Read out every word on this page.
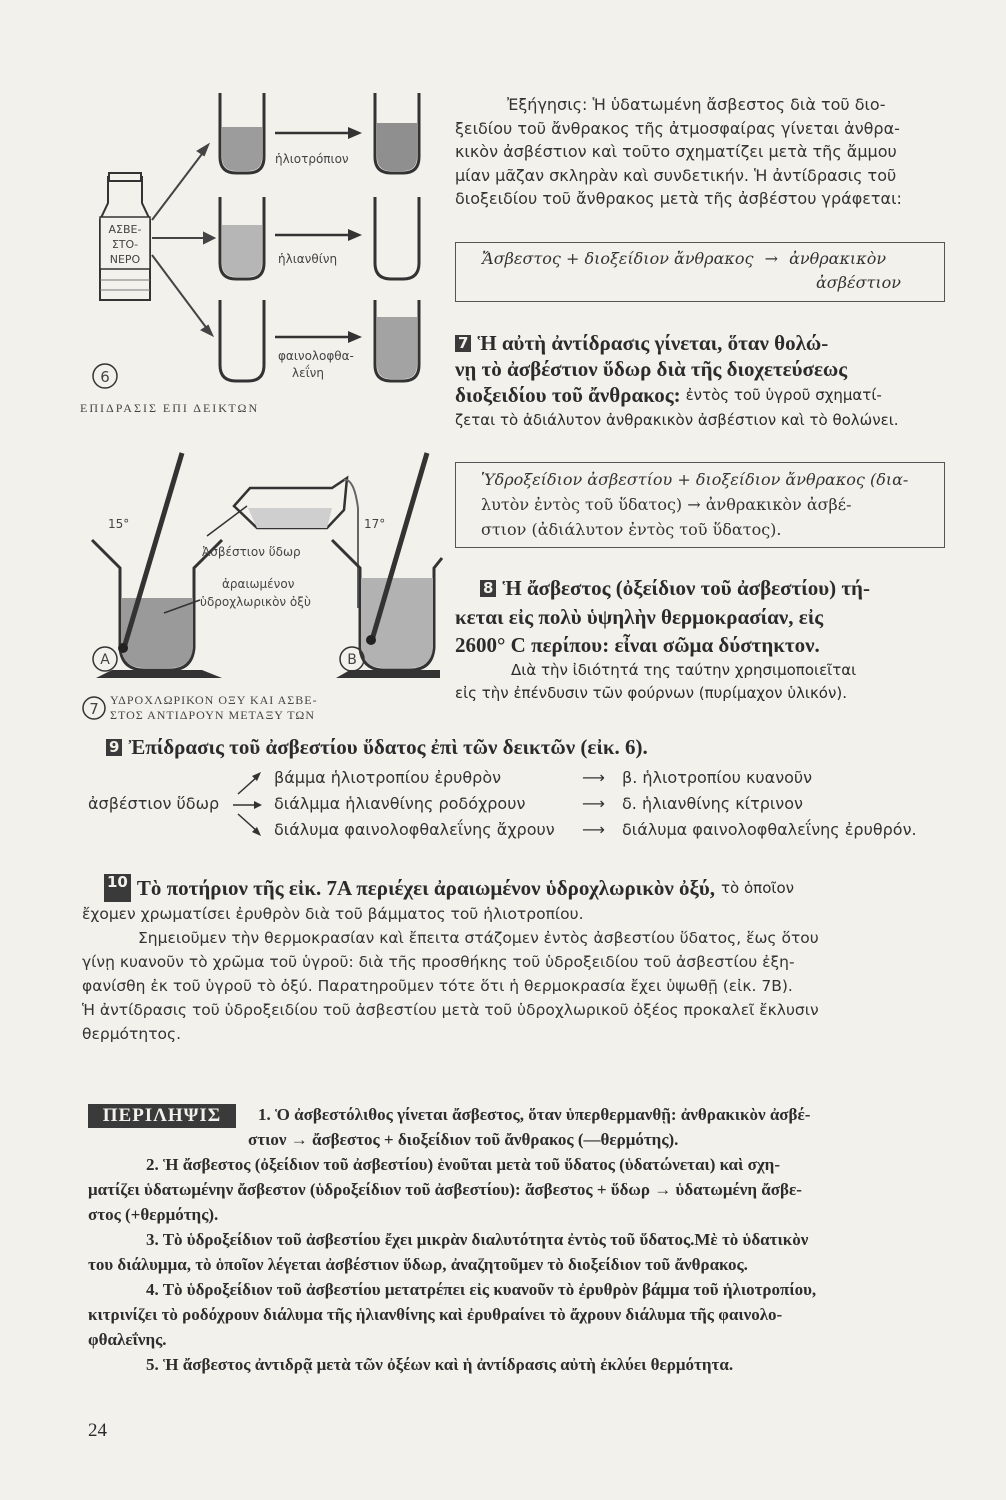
ΑΣΒΕ-
ΣΤΟ-
ΝΕΡΟ
ἡλιοτρόπιον
ἡλιανθίνη
φαινολοφθα-
λεΐνη
6
ΕΠΙΔΡΑΣΙΣ ΕΠΙ ΔΕΙΚΤΩΝ
15°
A
17°
B
Ἀσβέστιον ὕδωρ
ἀραιωμένον
ὑδροχλωρικὸν ὀξὺ
7 ΥΔΡΟΧΛΩΡΙΚΟΝ ΟΞΥ ΚΑΙ ΑΣΒΕ-
ΣΤΟΣ ΑΝΤΙΔΡΟΥΝ ΜΕΤΑΞΥ ΤΩΝ
Ἐξήγησις: Ἡ ὑδατωμένη ἄσβεστος διὰ τοῦ διο-
ξειδίου τοῦ ἄνθρακος τῆς ἀτμοσφαίρας γίνεται ἀνθρα-
κικὸν ἀσβέστιον καὶ τοῦτο σχηματίζει μετὰ τῆς ἄμμου
μίαν μᾶζαν σκληρὰν καὶ συνδετικήν. Ἡ ἀντίδρασις τοῦ
διοξειδίου τοῦ ἄνθρακος μετὰ τῆς ἀσβέστου γράφεται:
Ἄσβεστος + διοξείδιον ἄνθρακος → ἀνθρακικὸν
ἀσβέστιον
7 Ἡ αὐτὴ ἀντίδρασις γίνεται, ὅταν θολώ-
νῃ τὸ ἀσβέστιον ὕδωρ διὰ τῆς διοχετεύσεως
διοξειδίου τοῦ ἄνθρακος: ἐντὸς τοῦ ὑγροῦ σχηματί-
ζεται τὸ ἀδιάλυτον ἀνθρακικὸν ἀσβέστιον καὶ τὸ θολώνει.
Ὑδροξείδιον ἀσβεστίου + διοξείδιον ἄνθρακος (δια-
λυτὸν ἐντὸς τοῦ ὕδατος) → ἀνθρακικὸν ἀσβέ-
στιον (ἀδιάλυτον ἐντὸς τοῦ ὕδατος).
8 Ἡ ἄσβεστος (ὀξείδιον τοῦ ἀσβεστίου) τή-
κεται εἰς πολὺ ὑψηλὴν θερμοκρασίαν, εἰς
2600° C περίπου: εἶναι σῶμα δύστηκτον.
Διὰ τὴν ἰδιότητά της ταύτην χρησιμοποιεῖται
εἰς τὴν ἐπένδυσιν τῶν φούρνων (πυρίμαχον ὑλικόν).
9 Ἐπίδρασις τοῦ ἀσβεστίου ὕδατος ἐπὶ τῶν δεικτῶν (εἰκ. 6).
ἀσβέστιον ὕδωρ
βάμμα ἡλιοτροπίου ἐρυθρὸν
διάλμμα ἡλιανθίνης ροδόχρουν
διάλυμα φαινολοφθαλεΐνης ἄχρουν
⟶
⟶
⟶
β. ἡλιοτροπίου κυανοῦν
δ. ἡλιανθίνης κίτρινον
διάλυμα φαινολοφθαλεΐνης ἐρυθρόν.
10 Τὸ ποτήριον τῆς εἰκ. 7Α περιέχει ἀραιωμένον ὑδροχλωρικὸν ὀξύ, τὸ ὁποῖον
ἔχομεν χρωματίσει ἐρυθρὸν διὰ τοῦ βάμματος τοῦ ἡλιοτροπίου.
Σημειοῦμεν τὴν θερμοκρασίαν καὶ ἔπειτα στάζομεν ἐντὸς ἀσβεστίου ὕδατος, ἕως ὅτου
γίνῃ κυανοῦν τὸ χρῶμα τοῦ ὑγροῦ: διὰ τῆς προσθήκης τοῦ ὑδροξειδίου τοῦ ἀσβεστίου ἐξη-
φανίσθη ἐκ τοῦ ὑγροῦ τὸ ὀξύ. Παρατηροῦμεν τότε ὅτι ἡ θερμοκρασία ἔχει ὑψωθῇ (εἰκ. 7Β).
Ἡ ἀντίδρασις τοῦ ὑδροξειδίου τοῦ ἀσβεστίου μετὰ τοῦ ὑδροχλωρικοῦ ὀξέος προκαλεῖ ἔκλυσιν
θερμότητος.
ΠΕΡΙΛΗΨΙΣ	1. Ὁ ἀσβεστόλιθος γίνεται ἄσβεστος, ὅταν ὑπερθερμανθῇ: ἀνθρακικὸν ἀσβέ-
στιον → ἄσβεστος + διοξείδιον τοῦ ἄνθρακος (—θερμότης).
2. Ἡ ἄσβεστος (ὀξείδιον τοῦ ἀσβεστίου) ἑνοῦται μετὰ τοῦ ὕδατος (ὑδατώνεται) καὶ σχη-
ματίζει ὑδατωμένην ἄσβεστον (ὑδροξείδιον τοῦ ἀσβεστίου): ἄσβεστος + ὕδωρ → ὑδατωμένη ἄσβε-
στος (+θερμότης).
3. Τὸ ὑδροξείδιον τοῦ ἀσβεστίου ἔχει μικρὰν διαλυτότητα ἐντὸς τοῦ ὕδατος.Μὲ τὸ ὑδατικὸν
του διάλυμμα, τὸ ὁποῖον λέγεται ἀσβέστιον ὕδωρ, ἀναζητοῦμεν τὸ διοξείδιον τοῦ ἄνθρακος.
4. Τὸ ὑδροξείδιον τοῦ ἀσβεστίου μετατρέπει εἰς κυανοῦν τὸ ἐρυθρὸν βάμμα τοῦ ἡλιοτροπίου,
κιτρινίζει τὸ ροδόχρουν διάλυμα τῆς ἡλιανθίνης καὶ ἐρυθραίνει τὸ ἄχρουν διάλυμα τῆς φαινολο-
φθαλεΐνης.
5. Ἡ ἄσβεστος ἀντιδρᾷ μετὰ τῶν ὀξέων καὶ ἡ ἀντίδρασις αὐτὴ ἐκλύει θερμότητα.
24
